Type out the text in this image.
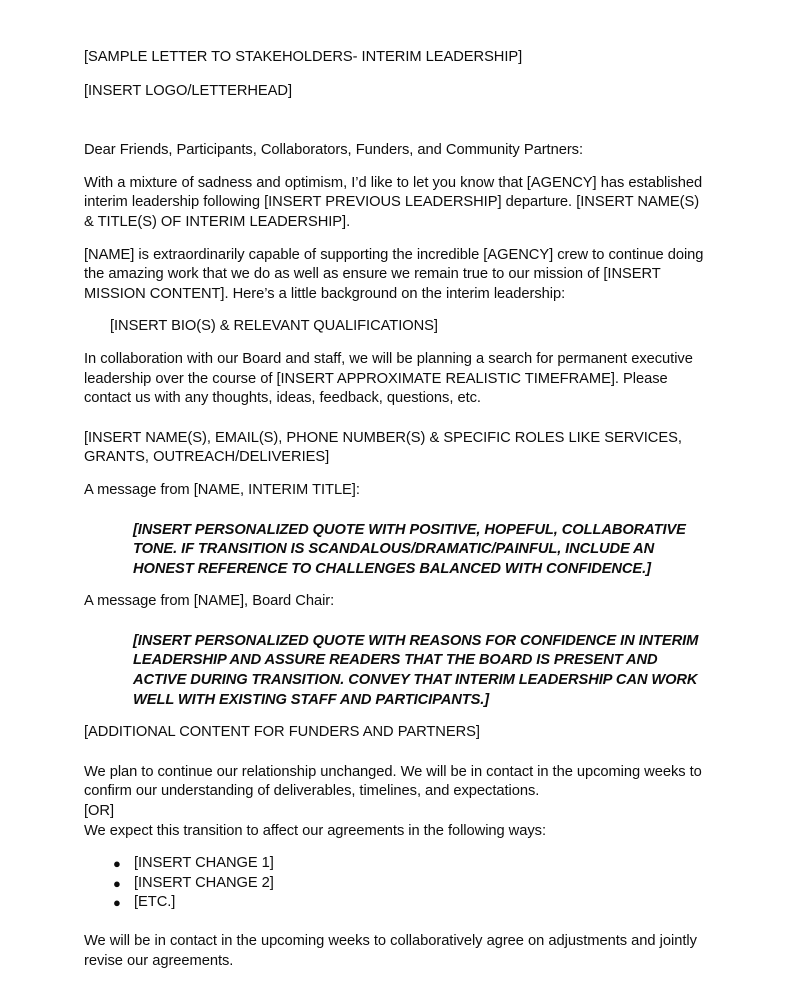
[SAMPLE LETTER TO STAKEHOLDERS- INTERIM LEADERSHIP]

[INSERT LOGO/LETTERHEAD]

Dear Friends, Participants, Collaborators, Funders, and Community Partners:

With a mixture of sadness and optimism, I’d like to let you know that [AGENCY] has established interim leadership following [INSERT PREVIOUS LEADERSHIP] departure. [INSERT NAME(S) & TITLE(S) OF INTERIM LEADERSHIP].

[NAME] is extraordinarily capable of supporting the incredible [AGENCY] crew to continue doing the amazing work that we do as well as ensure we remain true to our mission of [INSERT MISSION CONTENT]. Here’s a little background on the interim leadership:

[INSERT BIO(S) & RELEVANT QUALIFICATIONS]

In collaboration with our Board and staff, we will be planning a search for permanent executive leadership over the course of [INSERT APPROXIMATE REALISTIC TIMEFRAME]. Please contact us with any thoughts, ideas, feedback, questions, etc.

[INSERT NAME(S), EMAIL(S), PHONE NUMBER(S) & SPECIFIC ROLES LIKE SERVICES, GRANTS, OUTREACH/DELIVERIES]

A message from [NAME, INTERIM TITLE]:

[INSERT PERSONALIZED QUOTE WITH POSITIVE, HOPEFUL, COLLABORATIVE TONE. IF TRANSITION IS SCANDALOUS/DRAMATIC/PAINFUL, INCLUDE AN HONEST REFERENCE TO CHALLENGES BALANCED WITH CONFIDENCE.]

A message from [NAME], Board Chair:

[INSERT PERSONALIZED QUOTE WITH REASONS FOR CONFIDENCE IN INTERIM LEADERSHIP AND ASSURE READERS THAT THE BOARD IS PRESENT AND ACTIVE DURING TRANSITION. CONVEY THAT INTERIM LEADERSHIP CAN WORK WELL WITH EXISTING STAFF AND PARTICIPANTS.]

[ADDITIONAL CONTENT FOR FUNDERS AND PARTNERS]

We plan to continue our relationship unchanged. We will be in contact in the upcoming weeks to confirm our understanding of deliverables, timelines, and expectations.
[OR]
We expect this transition to affect our agreements in the following ways:
● [INSERT CHANGE 1]
● [INSERT CHANGE 2]
● [ETC.]

We will be in contact in the upcoming weeks to collaboratively agree on adjustments and jointly revise our agreements.
